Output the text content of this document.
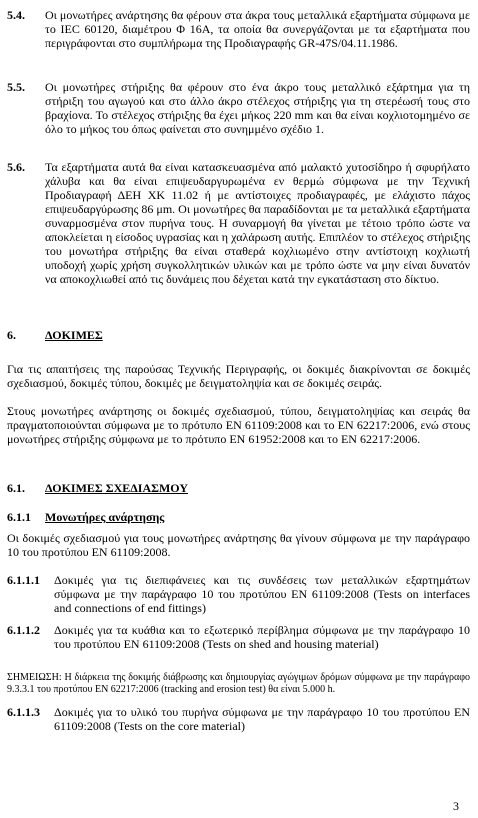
5.4. Οι μονωτήρες ανάρτησης θα φέρουν στα άκρα τους μεταλλικά εξαρτήματα σύμφωνα με το IEC 60120, διαμέτρου Φ 16Α, τα οποία θα συνεργάζονται με τα εξαρτήματα που περιγράφονται στο συμπλήρωμα της Προδιαγραφής GR-47S/04.11.1986.

5.5. Οι μονωτήρες στήριξης θα φέρουν στο ένα άκρο τους μεταλλικό εξάρτημα για τη στήριξη του αγωγού και στο άλλο άκρο στέλεχος στήριξης για τη στερέωσή τους στο βραχίονα. Το στέλεχος στήριξης θα έχει μήκος 220 mm και θα είναι κοχλιοτομημένο σε όλο το μήκος του όπως φαίνεται στο συνημμένο σχέδιο 1.

5.6. Τα εξαρτήματα αυτά θα είναι κατασκευασμένα από μαλακτό χυτοσίδηρο ή σφυρήλατο χάλυβα και θα είναι επιψευδαργυρωμένα εν θερμώ σύμφωνα με την Τεχνική Προδιαγραφή ΔΕΗ ΧΚ 11.02 ή με αντίστοιχες προδιαγραφές, με ελάχιστο πάχος επιψευδαργύρωσης 86 μm. Οι μονωτήρες θα παραδίδονται με τα μεταλλικά εξαρτήματα συναρμοσμένα στον πυρήνα τους. Η συναρμογή θα γίνεται με τέτοιο τρόπο ώστε να αποκλείεται η είσοδος υγρασίας και η χαλάρωση αυτής. Επιπλέον το στέλεχος στήριξης του μονωτήρα στήριξης θα είναι σταθερά κοχλιωμένο στην αντίστοιχη κοχλιωτή υποδοχή χωρίς χρήση συγκολλητικών υλικών και με τρόπο ώστε να μην είναι δυνατόν να αποκοχλιωθεί από τις δυνάμεις που δέχεται κατά την εγκατάσταση στο δίκτυο.

6. ΔΟΚΙΜΕΣ

Για τις απαιτήσεις της παρούσας Τεχνικής Περιγραφής, οι δοκιμές διακρίνονται σε δοκιμές σχεδιασμού, δοκιμές τύπου, δοκιμές με δειγματοληψία και σε δοκιμές σειράς.

Στους μονωτήρες ανάρτησης οι δοκιμές σχεδιασμού, τύπου, δειγματοληψίας και σειράς θα πραγματοποιούνται σύμφωνα με το πρότυπο EN 61109:2008 και το EN 62217:2006, ενώ στους μονωτήρες στήριξης σύμφωνα με το πρότυπο EN 61952:2008 και το EN 62217:2006.

6.1. ΔΟΚΙΜΕΣ ΣΧΕΔΙΑΣΜΟΥ
6.1.1 Μονωτήρες ανάρτησης

Οι δοκιμές σχεδιασμού για τους μονωτήρες ανάρτησης θα γίνουν σύμφωνα με την παράγραφο 10 του προτύπου EN 61109:2008.

6.1.1.1 Δοκιμές για τις διεπιφάνειες και τις συνδέσεις των μεταλλικών εξαρτημάτων σύμφωνα με την παράγραφο 10 του προτύπου EN 61109:2008 (Tests on interfaces and connections of end fittings)

6.1.1.2 Δοκιμές για τα κυάθια και το εξωτερικό περίβλημα σύμφωνα με την παράγραφο 10 του προτύπου EN 61109:2008 (Tests on shed and housing material)

ΣΗΜΕΙΩΣΗ: Η διάρκεια της δοκιμής διάβρωσης και δημιουργίας αγώγιμων δρόμων σύμφωνα με την παράγραφο 9.3.3.1 του προτύπου EN 62217:2006 (tracking and erosion test) θα είναι 5.000 h.

6.1.1.3 Δοκιμές για το υλικό του πυρήνα σύμφωνα με την παράγραφο 10 του προτύπου EN 61109:2008 (Tests on the core material)

3
